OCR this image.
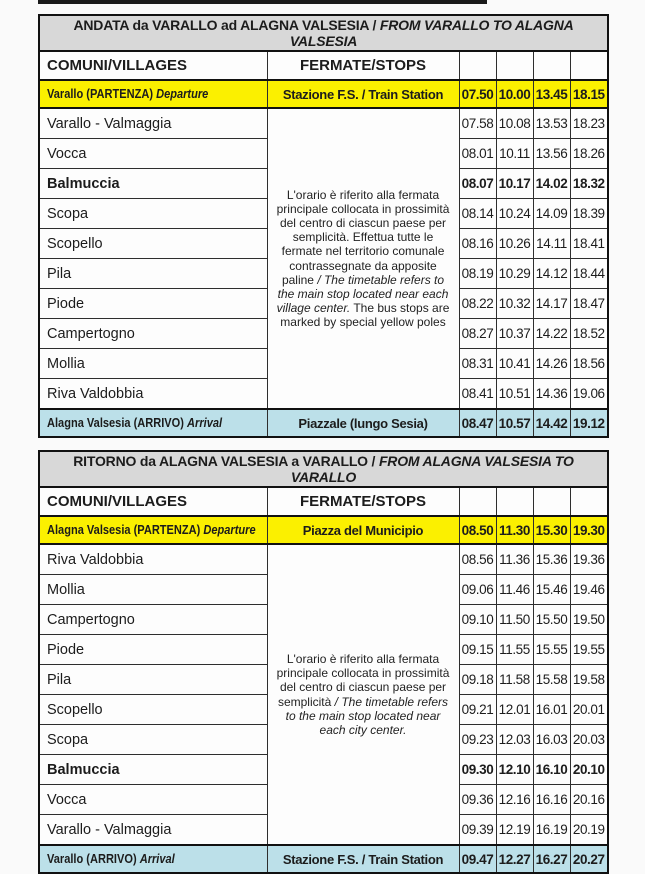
ANDATA da VARALLO ad ALAGNA VALSESIA / FROM VARALLO TO ALAGNA VALSESIA					
COMUNI/VILLAGES	FERMATE/STOPS				
Varallo (PARTENZA) Departure	Stazione F.S. / Train Station	07.50	10.00	13.45	18.15
Varallo - Valmaggia	L'orario è riferito alla fermata principale collocata in prossimità del centro di ciascun paese per semplicità. Effettua tutte le fermate nel territorio comunale contrassegnate da apposite paline / The timetable refers to the main stop located near each village center. The bus stops are marked by special yellow poles	07.58	10.08	13.53	18.23
Vocca		08.01	10.11	13.56	18.26
Balmuccia		08.07	10.17	14.02	18.32
Scopa		08.14	10.24	14.09	18.39
Scopello		08.16	10.26	14.11	18.41
Pila		08.19	10.29	14.12	18.44
Piode		08.22	10.32	14.17	18.47
Campertogno		08.27	10.37	14.22	18.52
Mollia		08.31	10.41	14.26	18.56
Riva Valdobbia		08.41	10.51	14.36	19.06
Alagna Valsesia (ARRIVO) Arrival	Piazzale (lungo Sesia)	08.47	10.57	14.42	19.12
RITORNO da ALAGNA VALSESIA a VARALLO / FROM ALAGNA VALSESIA TO VARALLO					
COMUNI/VILLAGES	FERMATE/STOPS				
Alagna Valsesia (PARTENZA) Departure	Piazza del Municipio	08.50	11.30	15.30	19.30
Riva Valdobbia	L'orario è riferito alla fermata principale collocata in prossimità del centro di ciascun paese per semplicità / The timetable refers to the main stop located near each city center.	08.56	11.36	15.36	19.36
Mollia		09.06	11.46	15.46	19.46
Campertogno		09.10	11.50	15.50	19.50
Piode		09.15	11.55	15.55	19.55
Pila		09.18	11.58	15.58	19.58
Scopello		09.21	12.01	16.01	20.01
Scopa		09.23	12.03	16.03	20.03
Balmuccia		09.30	12.10	16.10	20.10
Vocca		09.36	12.16	16.16	20.16
Varallo - Valmaggia		09.39	12.19	16.19	20.19
Varallo (ARRIVO) Arrival	Stazione F.S. / Train Station	09.47	12.27	16.27	20.27
